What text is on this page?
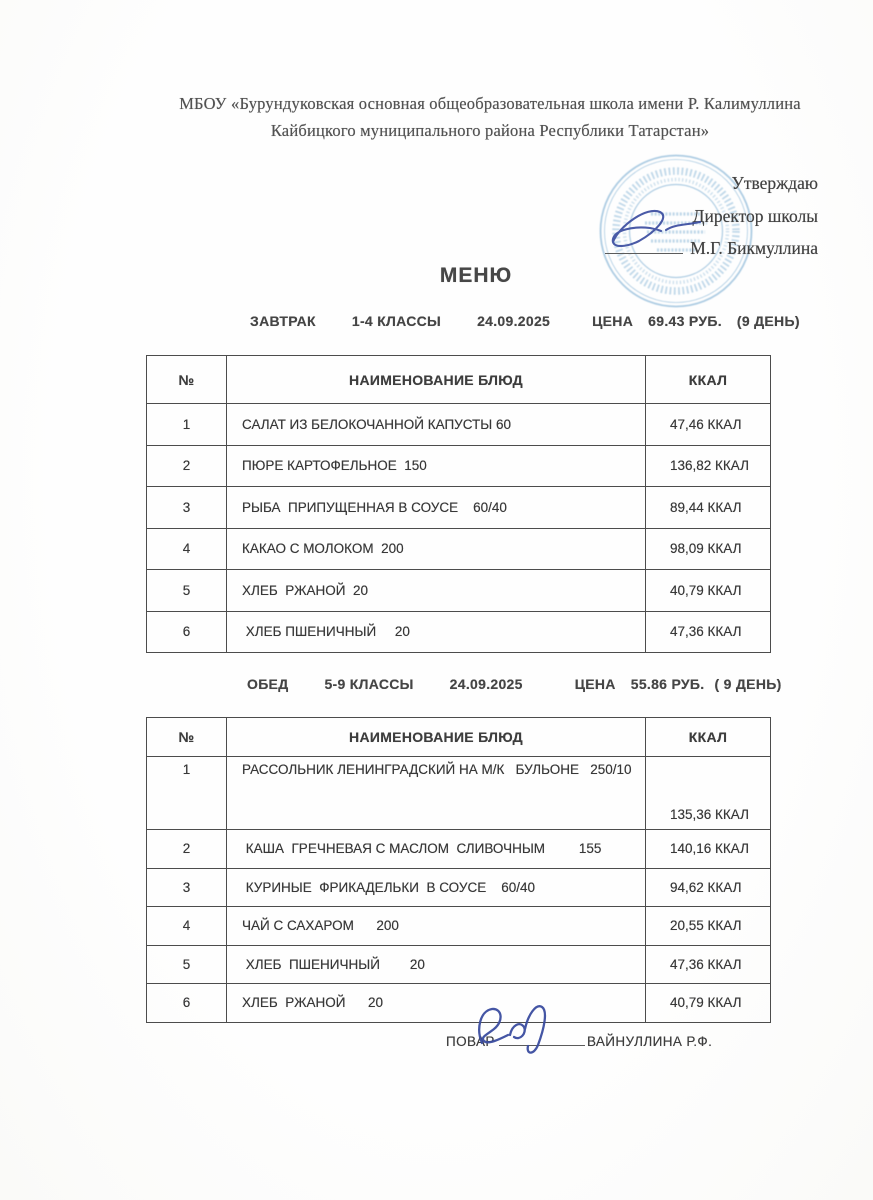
МБОУ «Бурундуковская основная общеобразовательная школа имени Р. Калимуллина
Кайбицкого муниципального района Республики Татарстан»
Утверждаю
Директор школы
М.Г. Бикмуллина
МЕНЮ
ЗАВТРАК	1-4 КЛАССЫ	24.09.2025	ЦЕНА 69.43 РУБ. (9 ДЕНЬ)
№	НАИМЕНОВАНИЕ БЛЮД	ККАЛ
1	САЛАТ ИЗ БЕЛОКОЧАННОЙ КАПУСТЫ 60	47,46 ККАЛ
2	ПЮРЕ КАРТОФЕЛЬНОЕ  150	136,82 ККАЛ
3	РЫБА  ПРИПУЩЕННАЯ В СОУСЕ    60/40	89,44 ККАЛ
4	КАКАО С МОЛОКОМ  200	98,09 ККАЛ
5	ХЛЕБ  РЖАНОЙ  20	40,79 ККАЛ
6	ХЛЕБ ПШЕНИЧНЫЙ     20	47,36 ККАЛ
ОБЕД	5-9 КЛАССЫ	24.09.2025	ЦЕНА 55.86 РУБ. ( 9 ДЕНЬ)
№	НАИМЕНОВАНИЕ БЛЮД	ККАЛ
1	РАССОЛЬНИК ЛЕНИНГРАДСКИЙ НА М/К   БУЛЬОНЕ   250/10	135,36 ККАЛ
2	КАША  ГРЕЧНЕВАЯ С МАСЛОМ  СЛИВОЧНЫМ         155	140,16 ККАЛ
3	КУРИНЫЕ  ФРИКАДЕЛЬКИ  В СОУСЕ    60/40	94,62 ККАЛ
4	ЧАЙ С САХАРОМ      200	20,55 ККАЛ
5	ХЛЕБ  ПШЕНИЧНЫЙ        20	47,36 ККАЛ
6	ХЛЕБ  РЖАНОЙ      20	40,79 ККАЛ
ПОВАР
	ВАЙНУЛЛИНА Р.Ф.
